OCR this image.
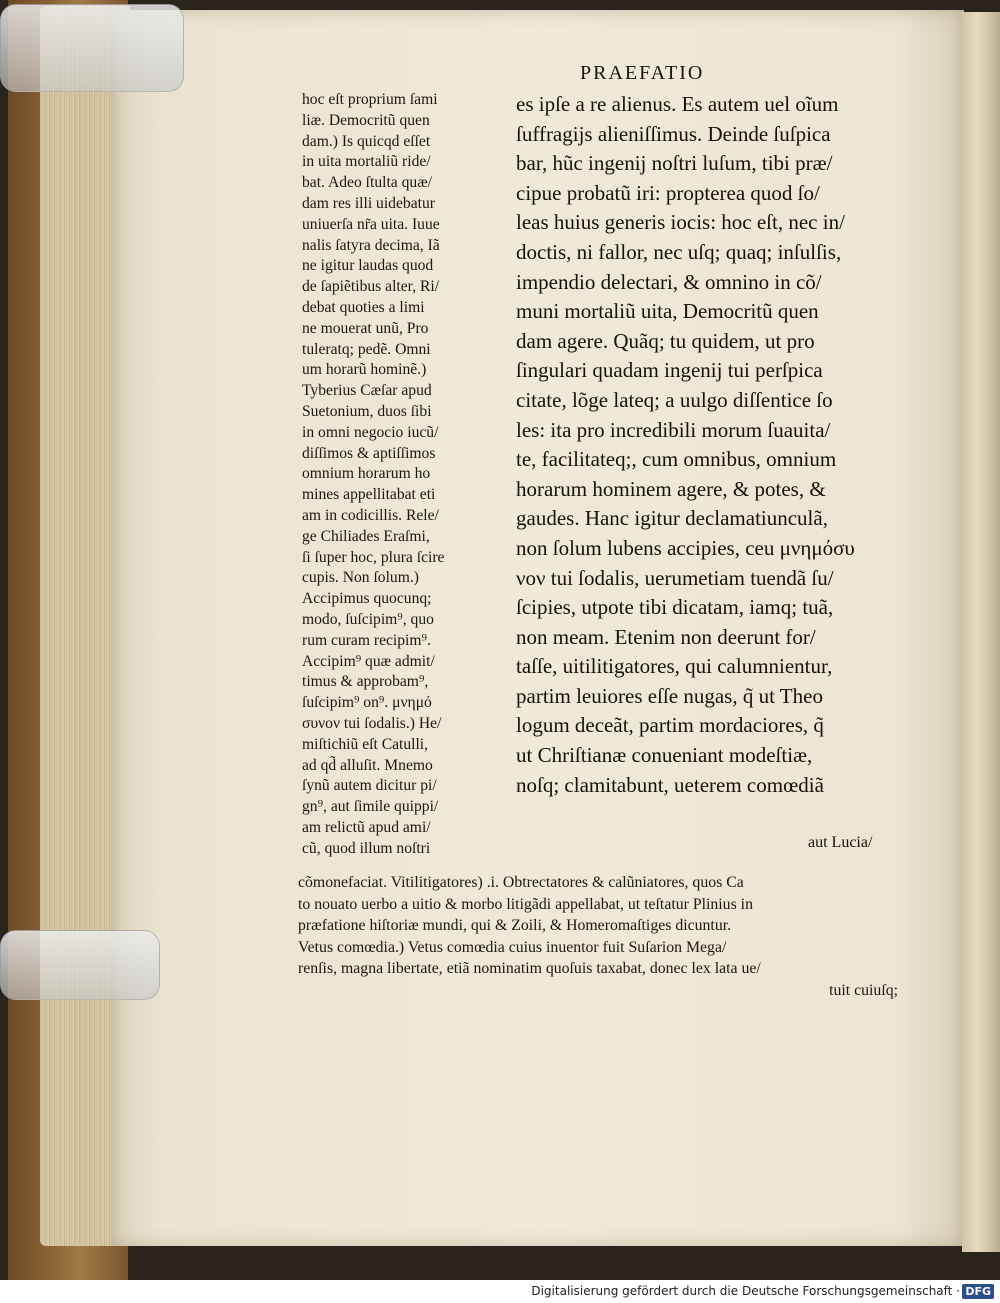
PRAEFATIO
hoc eſt proprium ſami
liæ. Democritũ quen
dam.) Is quicqd eſſet
in uita mortaliũ ride/
bat. Adeo ſtulta quæ/
dam res illi uidebatur
uniuerſa nr̃a uita. Iuue
nalis ſatyra decima, Iã
ne igitur laudas quod
de ſapiẽtibus alter, Ri/
debat quoties a limi
ne mouerat unũ, Pro
tuleratq; pedẽ. Omni
um horarũ hominẽ.)
Tyberius Cæſar apud
Suetonium, duos ſibi
in omni negocio iucũ/
diſſimos & aptiſſimos
omnium horarum ho
mines appellitabat eti
am in codicillis. Rele/
ge Chiliades Eraſmi,
ſi ſuper hoc, plura ſcire
cupis. Non ſolum.)
Accipimus quocunq;
modo, ſuſcipim⁹, quo
rum curam recipim⁹.
Accipim⁹ quæ admit/
timus & approbam⁹,
ſuſcipim⁹ on⁹. μνημό
συνον tui ſodalis.) He/
miſtichiũ eſt Catulli,
ad qd̃ alluſit. Mnemo
ſynũ autem dicitur pi/
gn⁹, aut ſimile quippi/
am relictũ apud ami/
cũ, quod illum noſtri
es ipſe a re alienus. Es autem uel oĩum
ſuffragijs alieniſſimus. Deinde ſuſpica
bar, hũc ingenij noſtri luſum, tibi præ/
cipue probatũ iri: propterea quod ſo/
leas huius generis iocis: hoc eſt, nec in/
doctis, ni fallor, nec uſq; quaq; inſulſis,
impendio delectari, & omnino in cõ/
muni mortaliũ uita, Democritũ quen
dam agere. Quãq; tu quidem, ut pro
ſingulari quadam ingenij tui perſpica
citate, lõge lateq; a uulgo diſſentice ſo
les: ita pro incredibili morum ſuauita/
te, facilitateq;, cum omnibus, omnium
horarum hominem agere, & potes, &
gaudes. Hanc igitur declamatiunculã,
non ſolum lubens accipies, ceu μνημόσυ
νον tui ſodalis, uerumetiam tuendã ſu/
ſcipies, utpote tibi dicatam, iamq; tuã,
non meam. Etenim non deerunt for/
taſſe, uitilitigatores, qui calumnientur,
partim leuiores eſſe nugas, q̃ ut Theo
logum deceãt, partim mordaciores, q̃
ut Chriſtianæ conueniant modeſtiæ,
noſq; clamitabunt, ueterem comœdiã
aut Lucia/
cõmonefaciat. Vitilitigatores) .i. Obtrectatores & calũniatores, quos Ca
to nouato uerbo a uitio & morbo litigãdi appellabat, ut teſtatur Plinius in
præfatione hiſtoriæ mundi, qui & Zoili, & Homeromaſtiges dicuntur.
Vetus comœdia.) Vetus comœdia cuius inuentor fuit Suſarion Mega/
renſis, magna libertate, etiã nominatim quoſuis taxabat, donec lex lata ue/
tuit cuiuſq;
Digitalisierung gefördert durch die Deutsche Forschungsgemeinschaft · DFG
